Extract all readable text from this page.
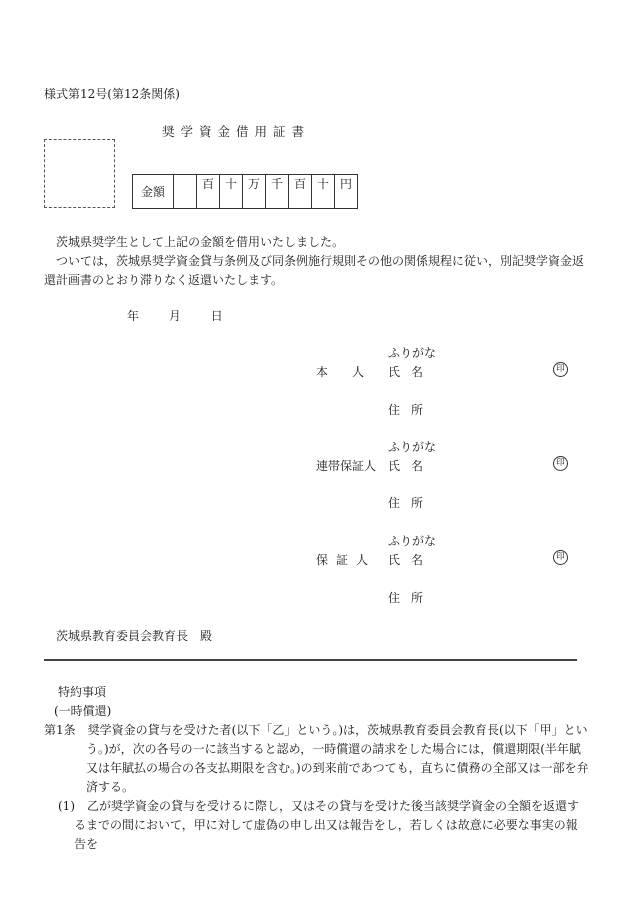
様式第12号(第12条関係)
奨学資金借用証書
金額		百	十	万	千	百	十	円
茨城県奨学生として上記の金額を借用いたしました。
ついては，茨城県奨学資金貸与条例及び同条例施行規則その他の関係規程に従い，別記奨学資金返還計画書のとおり滞りなく返還いたします。
年 月 日
ふりがな
本人 氏名	印
住所
ふりがな
連帯保証人 氏名	印
住所
ふりがな
保証人 氏名	印
住所
茨城県教育委員会教育長　殿
特約事項
(一時償還)
第1条　奨学資金の貸与を受けた者(以下「乙」という。)は，茨城県教育委員会教育長(以下「甲」という。)が，次の各号の一に該当すると認め，一時償還の請求をした場合には，償還期限(半年賦又は年賦払の場合の各支払期限を含む。)の到来前であつても，直ちに債務の全部又は一部を弁済する。
(1)　乙が奨学資金の貸与を受けるに際し，又はその貸与を受けた後当該奨学資金の全額を返還するまでの間において，甲に対して虚偽の申し出又は報告をし，若しくは故意に必要な事実の報告を
